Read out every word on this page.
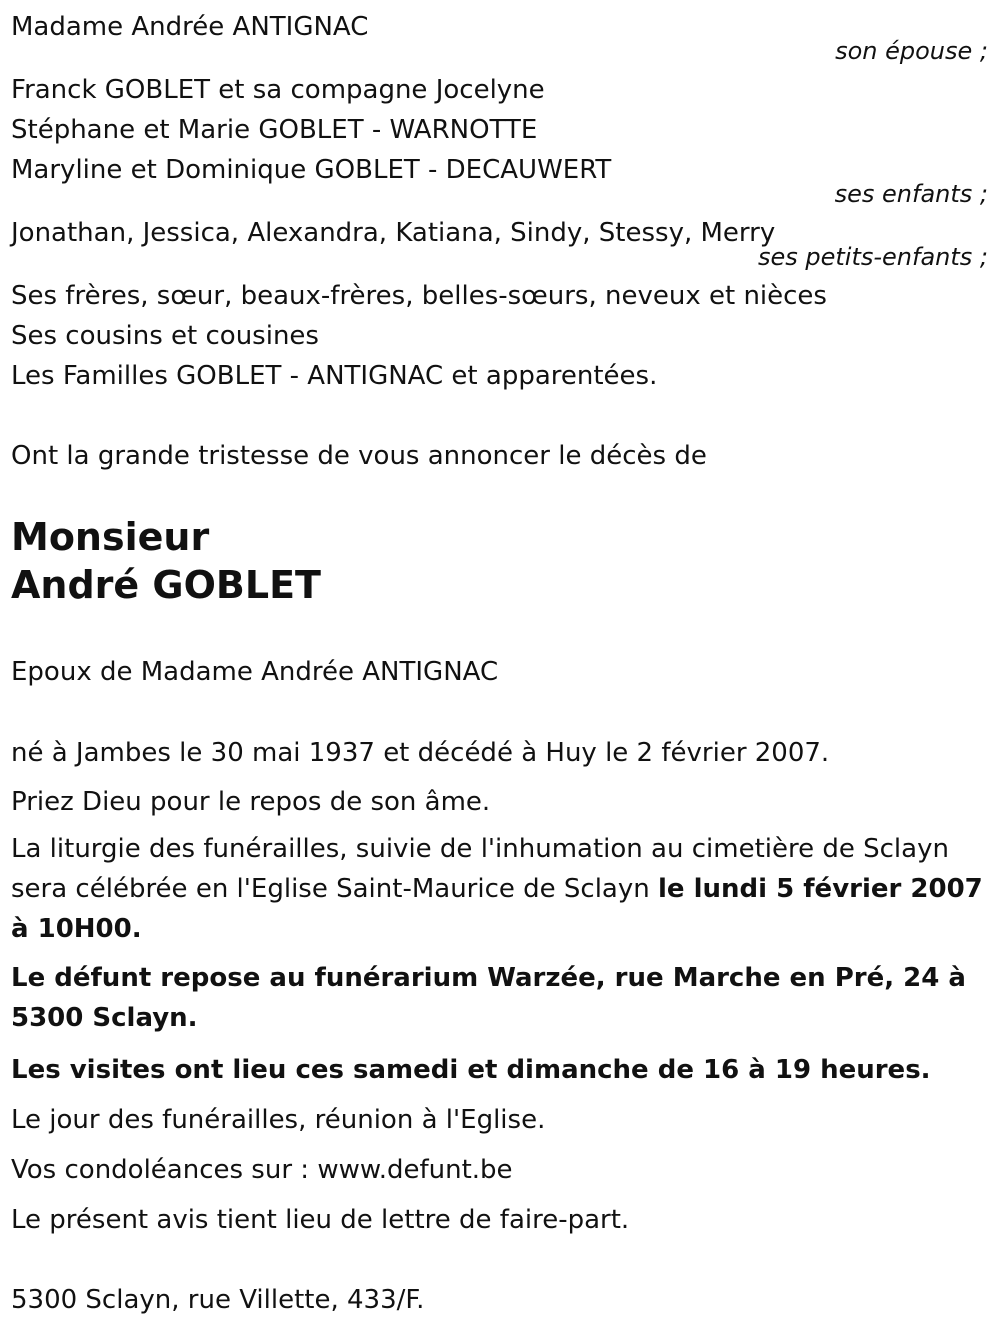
Madame Andrée ANTIGNAC
son épouse ;
Franck GOBLET et sa compagne Jocelyne
Stéphane et Marie GOBLET - WARNOTTE
Maryline et Dominique GOBLET - DECAUWERT
ses enfants ;
Jonathan, Jessica, Alexandra, Katiana, Sindy, Stessy, Merry
ses petits-enfants ;
Ses frères, sœur, beaux-frères, belles-sœurs, neveux et nièces
Ses cousins et cousines
Les Familles GOBLET - ANTIGNAC et apparentées.
Ont la grande tristesse de vous annoncer le décès de
Monsieur
André GOBLET
Epoux de Madame Andrée ANTIGNAC
né à Jambes le 30 mai 1937 et décédé à Huy le 2 février 2007.
Priez Dieu pour le repos de son âme.
La liturgie des funérailles, suivie de l'inhumation au cimetière de Sclayn sera célébrée en l'Eglise Saint-Maurice de Sclayn le lundi 5 février 2007 à 10H00.
Le défunt repose au funérarium Warzée, rue Marche en Pré, 24 à 5300 Sclayn.
Les visites ont lieu ces samedi et dimanche de 16 à 19 heures.
Le jour des funérailles, réunion à l'Eglise.
Vos condoléances sur : www.defunt.be
Le présent avis tient lieu de lettre de faire-part.
5300 Sclayn, rue Villette, 433/F.
